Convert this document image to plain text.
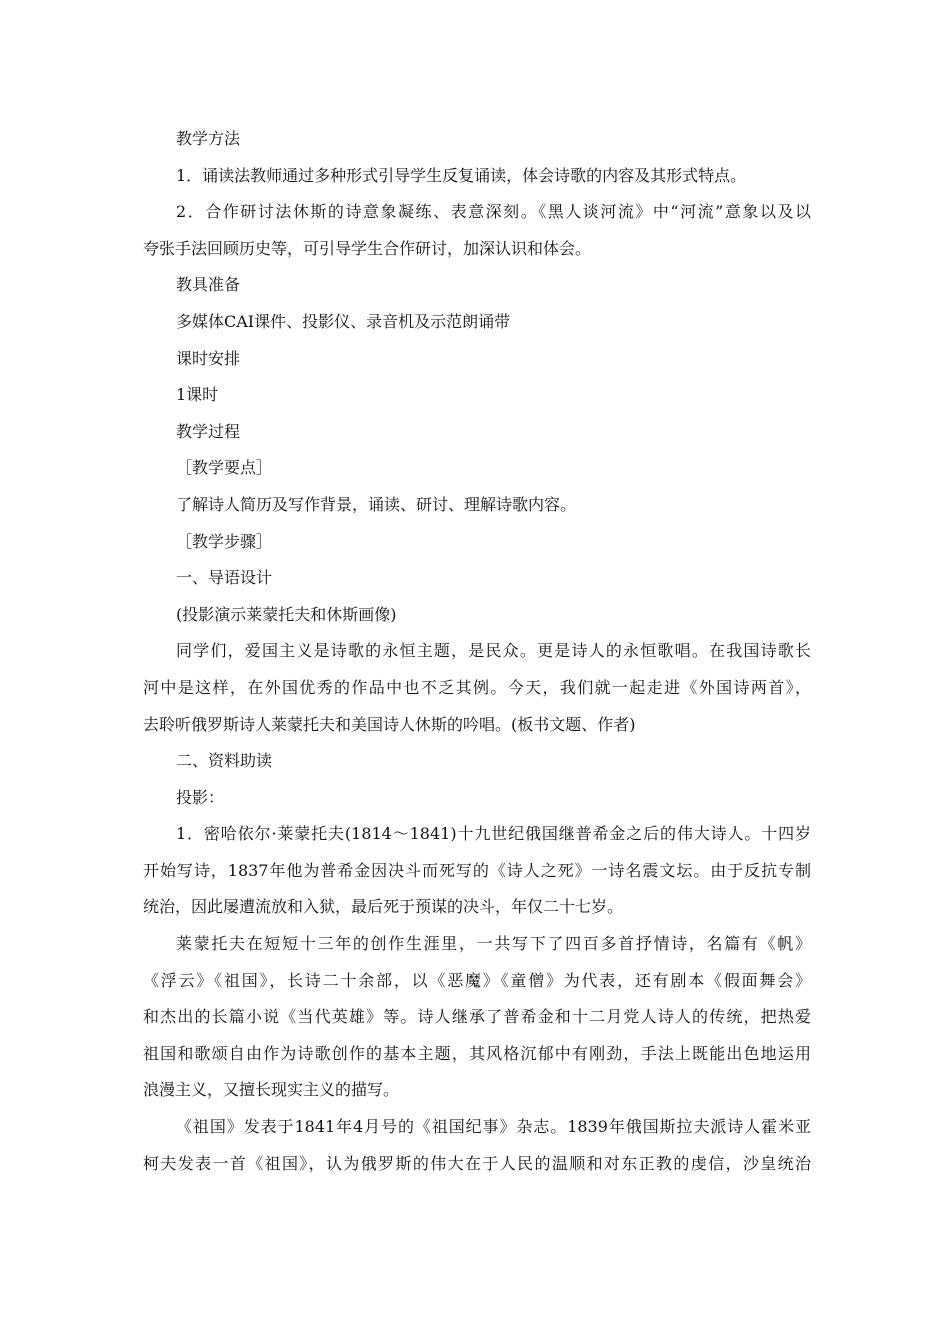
教学方法
1．诵读法教师通过多种形式引导学生反复诵读，体会诗歌的内容及其形式特点。
2．合作研讨法休斯的诗意象凝练、表意深刻。《黑人谈河流》中“河流”意象以及以
夸张手法回顾历史等，可引导学生合作研讨，加深认识和体会。
教具准备
多媒体CAI课件、投影仪、录音机及示范朗诵带
课时安排
1课时
教学过程
［教学要点］
了解诗人简历及写作背景，诵读、研讨、理解诗歌内容。
［教学步骤］
一、导语设计
(投影演示莱蒙托夫和休斯画像)
同学们，爱国主义是诗歌的永恒主题，是民众。更是诗人的永恒歌唱。在我国诗歌长
河中是这样，在外国优秀的作品中也不乏其例。今天，我们就一起走进《外国诗两首》，
去聆听俄罗斯诗人莱蒙托夫和美国诗人休斯的吟唱。(板书文题、作者)
二、资料助读
投影：
1．密哈依尔·莱蒙托夫(1814～1841)十九世纪俄国继普希金之后的伟大诗人。十四岁
开始写诗，1837年他为普希金因决斗而死写的《诗人之死》一诗名震文坛。由于反抗专制
统治，因此屡遭流放和入狱，最后死于预谋的决斗，年仅二十七岁。
莱蒙托夫在短短十三年的创作生涯里，一共写下了四百多首抒情诗，名篇有《帆》
《浮云》《祖国》，长诗二十余部，以《恶魔》《童僧》为代表，还有剧本《假面舞会》
和杰出的长篇小说《当代英雄》等。诗人继承了普希金和十二月党人诗人的传统，把热爱
祖国和歌颂自由作为诗歌创作的基本主题，其风格沉郁中有刚劲，手法上既能出色地运用
浪漫主义，又擅长现实主义的描写。
《祖国》发表于1841年4月号的《祖国纪事》杂志。1839年俄国斯拉夫派诗人霍米亚
柯夫发表一首《祖国》，认为俄罗斯的伟大在于人民的温顺和对东正教的虔信，沙皇统治
